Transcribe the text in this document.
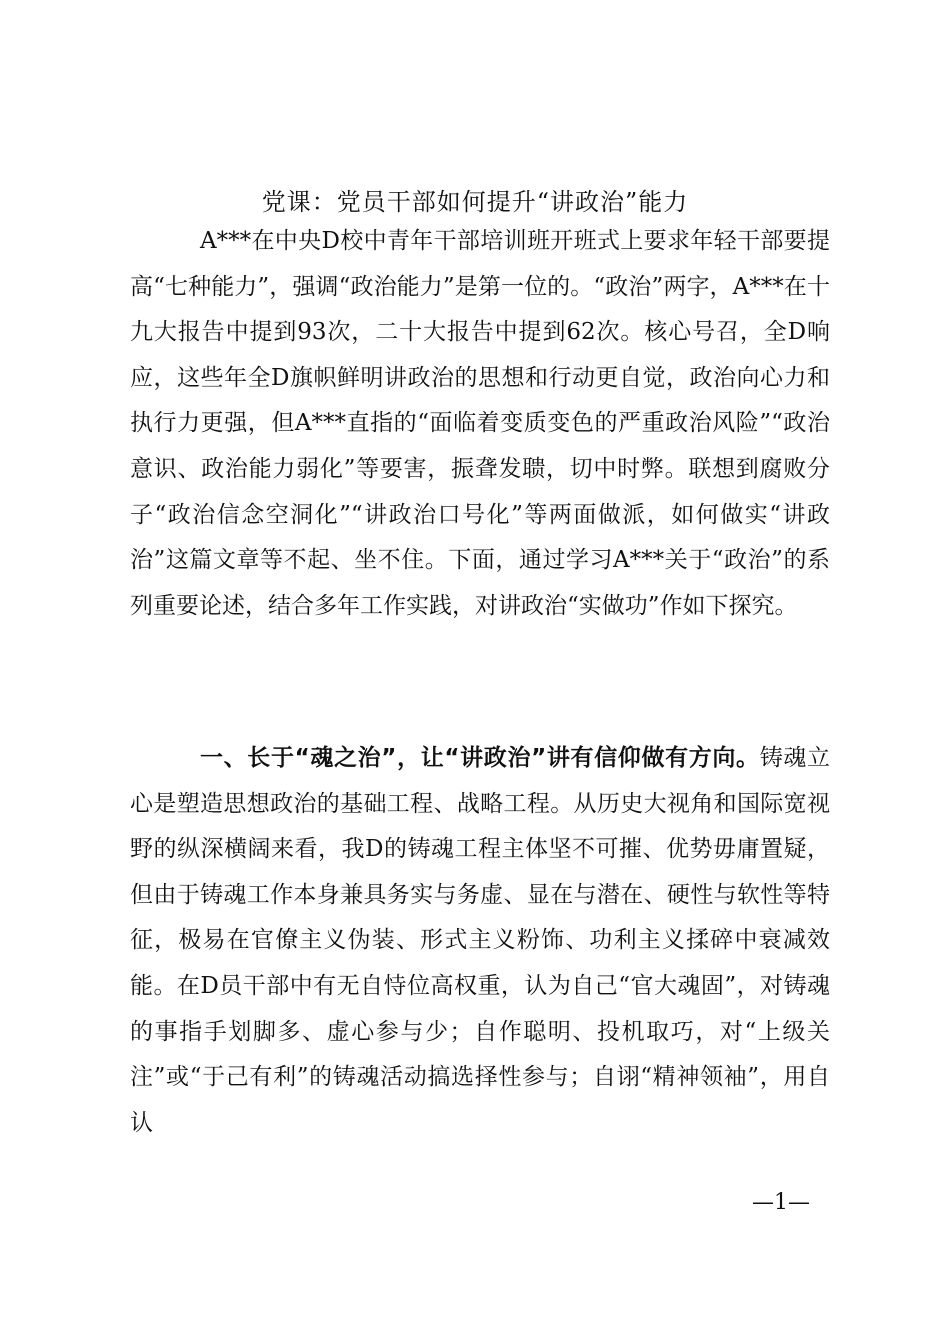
党课：党员干部如何提升“讲政治”能力
A***在中央D校中青年干部培训班开班式上要求年轻干部要提高“七种能力”，强调“政治能力”是第一位的。“政治”两字，A***在十九大报告中提到93次，二十大报告中提到62次。核心号召，全D响应，这些年全D旗帜鲜明讲政治的思想和行动更自觉，政治向心力和执行力更强，但A***直指的“面临着变质变色的严重政治风险”“政治意识、政治能力弱化”等要害，振聋发聩，切中时弊。联想到腐败分子“政治信念空洞化”“讲政治口号化”等两面做派，如何做实“讲政治”这篇文章等不起、坐不住。下面，通过学习A***关于“政治”的系列重要论述，结合多年工作实践，对讲政治“实做功”作如下探究。
一、长于“魂之治”，让“讲政治”讲有信仰做有方向。铸魂立心是塑造思想政治的基础工程、战略工程。从历史大视角和国际宽视野的纵深横阔来看，我D的铸魂工程主体坚不可摧、优势毋庸置疑，但由于铸魂工作本身兼具务实与务虚、显在与潜在、硬性与软性等特征，极易在官僚主义伪装、形式主义粉饰、功利主义揉碎中衰减效能。在D员干部中有无自恃位高权重，认为自己“官大魂固”，对铸魂的事指手划脚多、虚心参与少；自作聪明、投机取巧，对“上级关注”或“于己有利”的铸魂活动搞选择性参与；自诩“精神领袖”，用自认
—1—
